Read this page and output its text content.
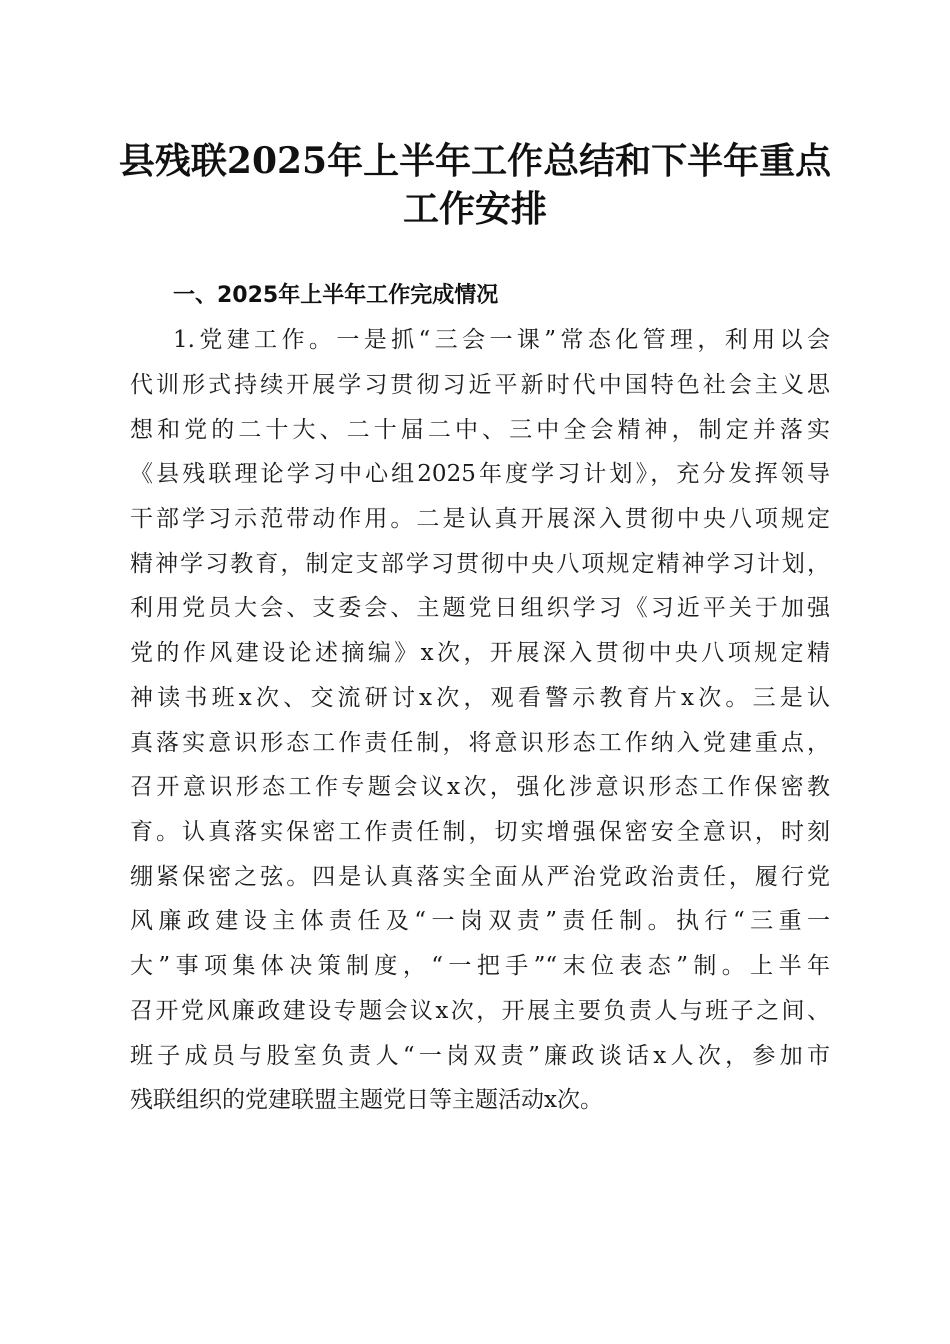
县残联2025年上半年工作总结和下半年重点
工作安排
一、2025年上半年工作完成情况

1.党建工作。一是抓“三会一课”常态化管理，利用以会

代训形式持续开展学习贯彻习近平新时代中国特色社会主义思

想和党的二十大、二十届二中、三中全会精神，制定并落实

《县残联理论学习中心组2025年度学习计划》，充分发挥领导

干部学习示范带动作用。二是认真开展深入贯彻中央八项规定

精神学习教育，制定支部学习贯彻中央八项规定精神学习计划，

利用党员大会、支委会、主题党日组织学习《习近平关于加强

党的作风建设论述摘编》x次，开展深入贯彻中央八项规定精

神读书班x次、交流研讨x次，观看警示教育片x次。三是认

真落实意识形态工作责任制，将意识形态工作纳入党建重点，

召开意识形态工作专题会议x次，强化涉意识形态工作保密教

育。认真落实保密工作责任制，切实增强保密安全意识，时刻

绷紧保密之弦。四是认真落实全面从严治党政治责任，履行党

风廉政建设主体责任及“一岗双责”责任制。执行“三重一

大”事项集体决策制度，“一把手”“末位表态”制。上半年

召开党风廉政建设专题会议x次，开展主要负责人与班子之间、

班子成员与股室负责人“一岗双责”廉政谈话x人次，参加市

残联组织的党建联盟主题党日等主题活动x次。
